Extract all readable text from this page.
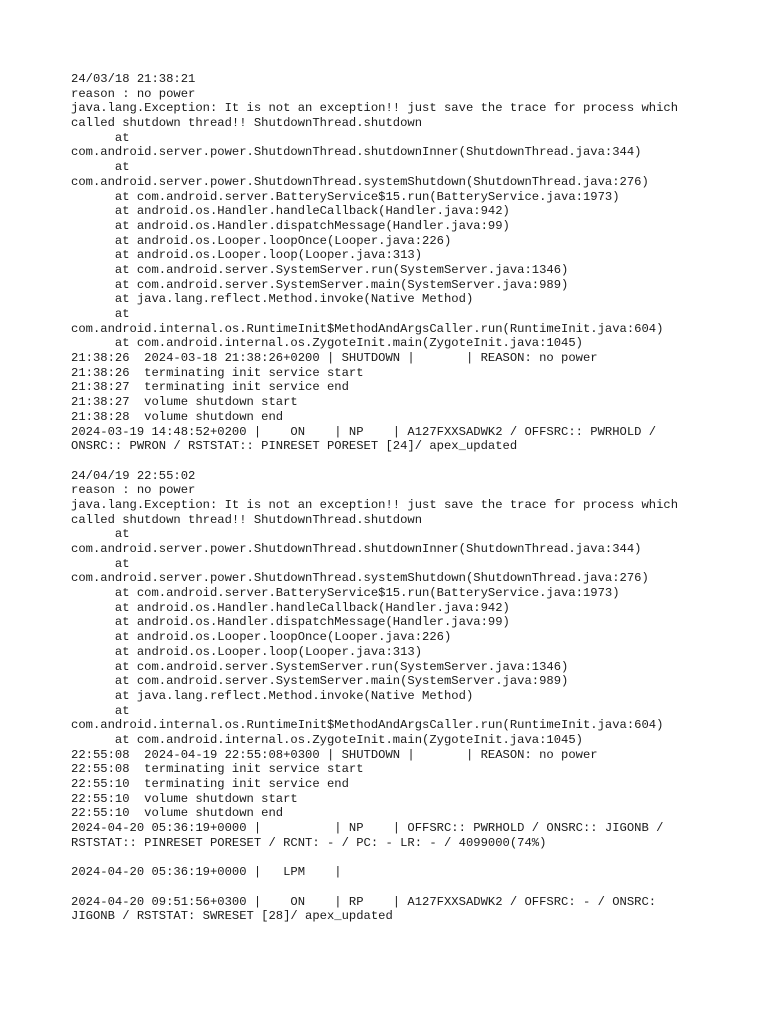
24/03/18 21:38:21
reason : no power
java.lang.Exception: It is not an exception!! just save the trace for process which
called shutdown thread!! ShutdownThread.shutdown
at
com.android.server.power.ShutdownThread.shutdownInner(ShutdownThread.java:344)
at
com.android.server.power.ShutdownThread.systemShutdown(ShutdownThread.java:276)
at com.android.server.BatteryService$15.run(BatteryService.java:1973)
at android.os.Handler.handleCallback(Handler.java:942)
at android.os.Handler.dispatchMessage(Handler.java:99)
at android.os.Looper.loopOnce(Looper.java:226)
at android.os.Looper.loop(Looper.java:313)
at com.android.server.SystemServer.run(SystemServer.java:1346)
at com.android.server.SystemServer.main(SystemServer.java:989)
at java.lang.reflect.Method.invoke(Native Method)
at
com.android.internal.os.RuntimeInit$MethodAndArgsCaller.run(RuntimeInit.java:604)
at com.android.internal.os.ZygoteInit.main(ZygoteInit.java:1045)
21:38:26  2024-03-18 21:38:26+0200 | SHUTDOWN |       | REASON: no power
21:38:26  terminating init service start
21:38:27  terminating init service end
21:38:27  volume shutdown start
21:38:28  volume shutdown end
2024-03-19 14:48:52+0200 |    ON    | NP    | A127FXXSADWK2 / OFFSRC:: PWRHOLD /
ONSRC:: PWRON / RSTSTAT:: PINRESET PORESET [24]/ apex_updated
24/04/19 22:55:02
reason : no power
java.lang.Exception: It is not an exception!! just save the trace for process which
called shutdown thread!! ShutdownThread.shutdown
at
com.android.server.power.ShutdownThread.shutdownInner(ShutdownThread.java:344)
at
com.android.server.power.ShutdownThread.systemShutdown(ShutdownThread.java:276)
at com.android.server.BatteryService$15.run(BatteryService.java:1973)
at android.os.Handler.handleCallback(Handler.java:942)
at android.os.Handler.dispatchMessage(Handler.java:99)
at android.os.Looper.loopOnce(Looper.java:226)
at android.os.Looper.loop(Looper.java:313)
at com.android.server.SystemServer.run(SystemServer.java:1346)
at com.android.server.SystemServer.main(SystemServer.java:989)
at java.lang.reflect.Method.invoke(Native Method)
at
com.android.internal.os.RuntimeInit$MethodAndArgsCaller.run(RuntimeInit.java:604)
at com.android.internal.os.ZygoteInit.main(ZygoteInit.java:1045)
22:55:08  2024-04-19 22:55:08+0300 | SHUTDOWN |       | REASON: no power
22:55:08  terminating init service start
22:55:10  terminating init service end
22:55:10  volume shutdown start
22:55:10  volume shutdown end
2024-04-20 05:36:19+0000 |          | NP    | OFFSRC:: PWRHOLD / ONSRC:: JIGONB /
RSTSTAT:: PINRESET PORESET / RCNT: - / PC: - LR: - / 4099000(74%)
2024-04-20 05:36:19+0000 |   LPM    |
2024-04-20 09:51:56+0300 |    ON    | RP    | A127FXXSADWK2 / OFFSRC: - / ONSRC:
JIGONB / RSTSTAT: SWRESET [28]/ apex_updated
